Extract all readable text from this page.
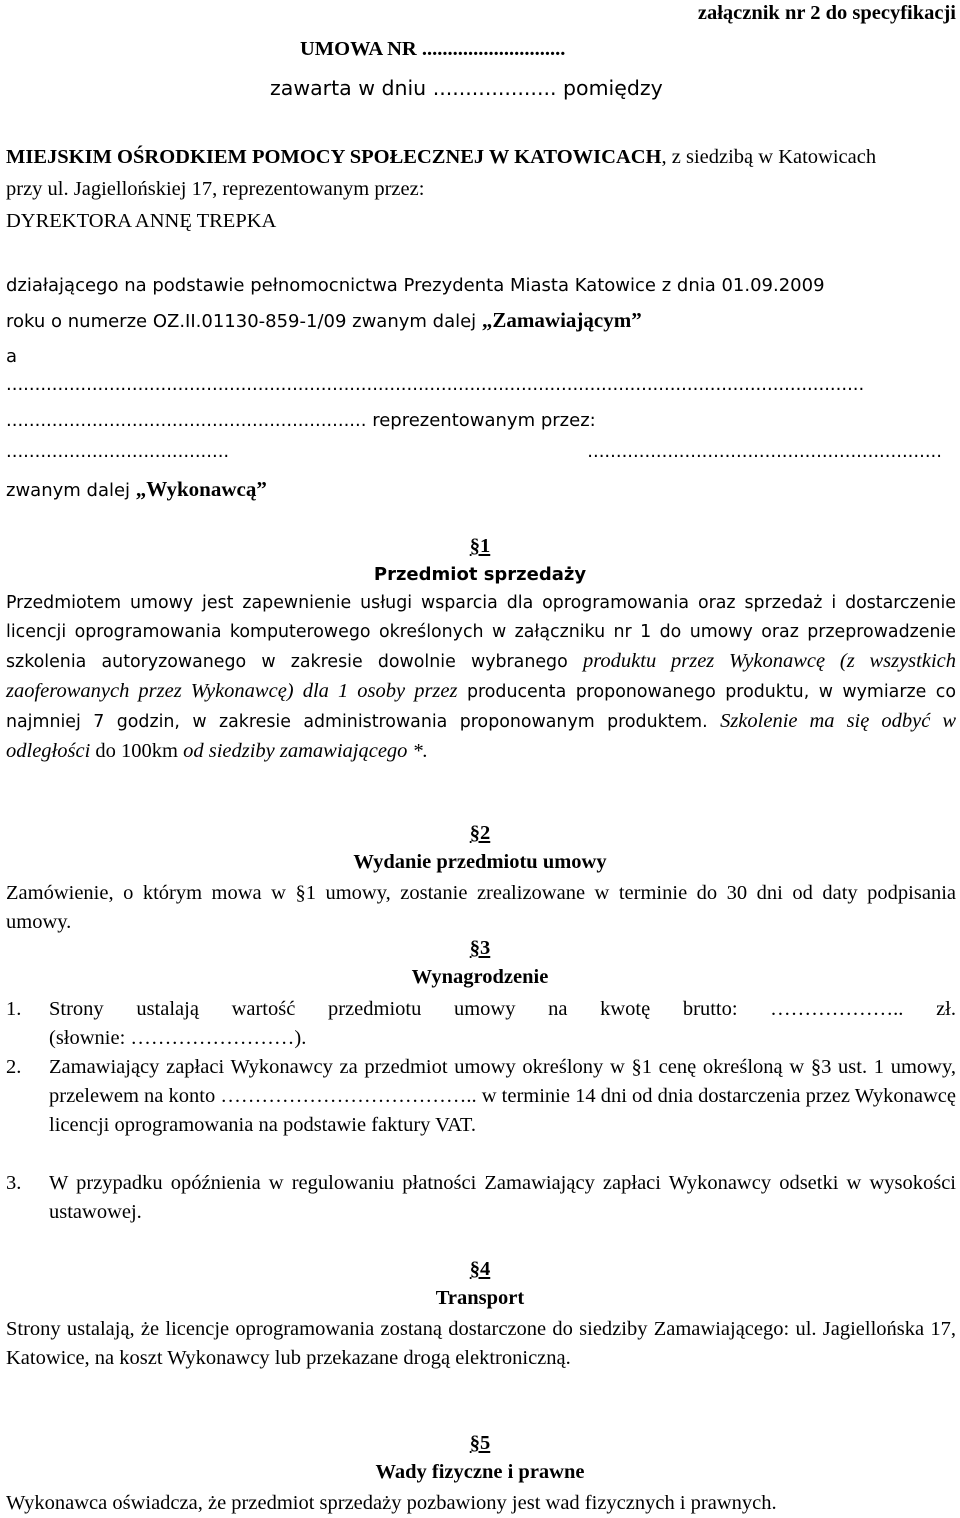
załącznik nr 2 do specyfikacji
UMOWA NR ............................
zawarta w dniu ................... pomiędzy
MIEJSKIM OŚRODKIEM POMOCY SPOŁECZNEJ W KATOWICACH, z siedzibą w Katowicach
przy ul. Jagiellońskiej 17, reprezentowanym przez:
DYREKTORA ANNĘ TREPKA
działającego na podstawie pełnomocnictwa Prezydenta Miasta Katowice z dnia 01.09.2009
roku o numerze OZ.II.01130-859-1/09 zwanym dalej „Zamawiającym”
a
......................................................................................................................................................
............................................................... reprezentowanym przez:
.......................................	..............................................................
zwanym dalej „Wykonawcą”
§1
Przedmiot sprzedaży
Przedmiotem umowy jest zapewnienie usługi wsparcia dla oprogramowania oraz sprzedaż i dostarczenie licencji oprogramowania komputerowego określonych w załączniku nr 1 do umowy oraz przeprowadzenie szkolenia autoryzowanego w zakresie dowolnie wybranego produktu przez Wykonawcę (z wszystkich zaoferowanych przez Wykonawcę) dla 1 osoby przez producenta proponowanego produktu, w wymiarze co najmniej 7 godzin, w zakresie administrowania proponowanym produktem. Szkolenie ma się odbyć w odległości do 100km od siedziby zamawiającego *.
§2
Wydanie przedmiotu umowy
Zamówienie, o którym mowa w §1 umowy, zostanie zrealizowane w terminie do 30 dni od daty podpisania umowy.
§3
Wynagrodzenie
1. Strony ustalają wartość przedmiotu umowy na kwotę brutto: ……………….. zł.
(słownie: ……………………).
2. Zamawiający zapłaci Wykonawcy za przedmiot umowy określony w §1 cenę określoną w §3 ust. 1 umowy, przelewem na konto ……………………………….. w terminie 14 dni od dnia dostarczenia przez Wykonawcę licencji oprogramowania na podstawie faktury VAT.
3. W przypadku opóźnienia w regulowaniu płatności Zamawiający zapłaci Wykonawcy odsetki w wysokości ustawowej.
§4
Transport
Strony ustalają, że licencje oprogramowania zostaną dostarczone do siedziby Zamawiającego: ul. Jagiellońska 17, Katowice, na koszt Wykonawcy lub przekazane drogą elektroniczną.
§5
Wady fizyczne i prawne
Wykonawca oświadcza, że przedmiot sprzedaży pozbawiony jest wad fizycznych i prawnych.
